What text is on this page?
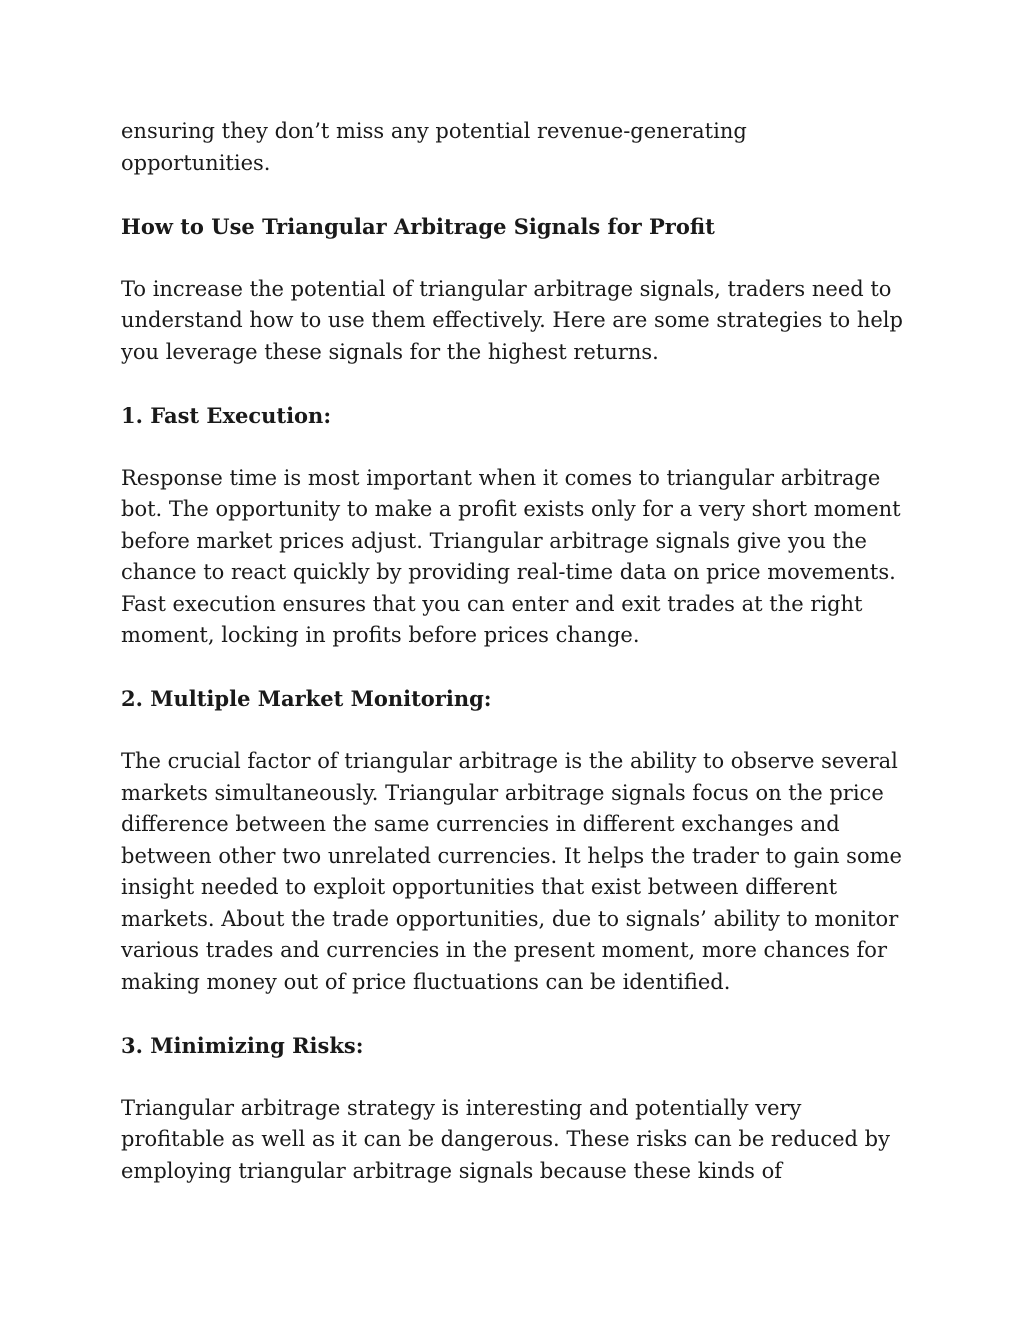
ensuring they don’t miss any potential revenue-generating
opportunities.

How to Use Triangular Arbitrage Signals for Profit

To increase the potential of triangular arbitrage signals, traders need to
understand how to use them effectively. Here are some strategies to help
you leverage these signals for the highest returns.

1. Fast Execution:

Response time is most important when it comes to triangular arbitrage
bot. The opportunity to make a profit exists only for a very short moment
before market prices adjust. Triangular arbitrage signals give you the
chance to react quickly by providing real-time data on price movements.
Fast execution ensures that you can enter and exit trades at the right
moment, locking in profits before prices change.

2. Multiple Market Monitoring:

The crucial factor of triangular arbitrage is the ability to observe several
markets simultaneously. Triangular arbitrage signals focus on the price
difference between the same currencies in different exchanges and
between other two unrelated currencies. It helps the trader to gain some
insight needed to exploit opportunities that exist between different
markets. About the trade opportunities, due to signals’ ability to monitor
various trades and currencies in the present moment, more chances for
making money out of price fluctuations can be identified.

3. Minimizing Risks:

Triangular arbitrage strategy is interesting and potentially very
profitable as well as it can be dangerous. These risks can be reduced by
employing triangular arbitrage signals because these kinds of
